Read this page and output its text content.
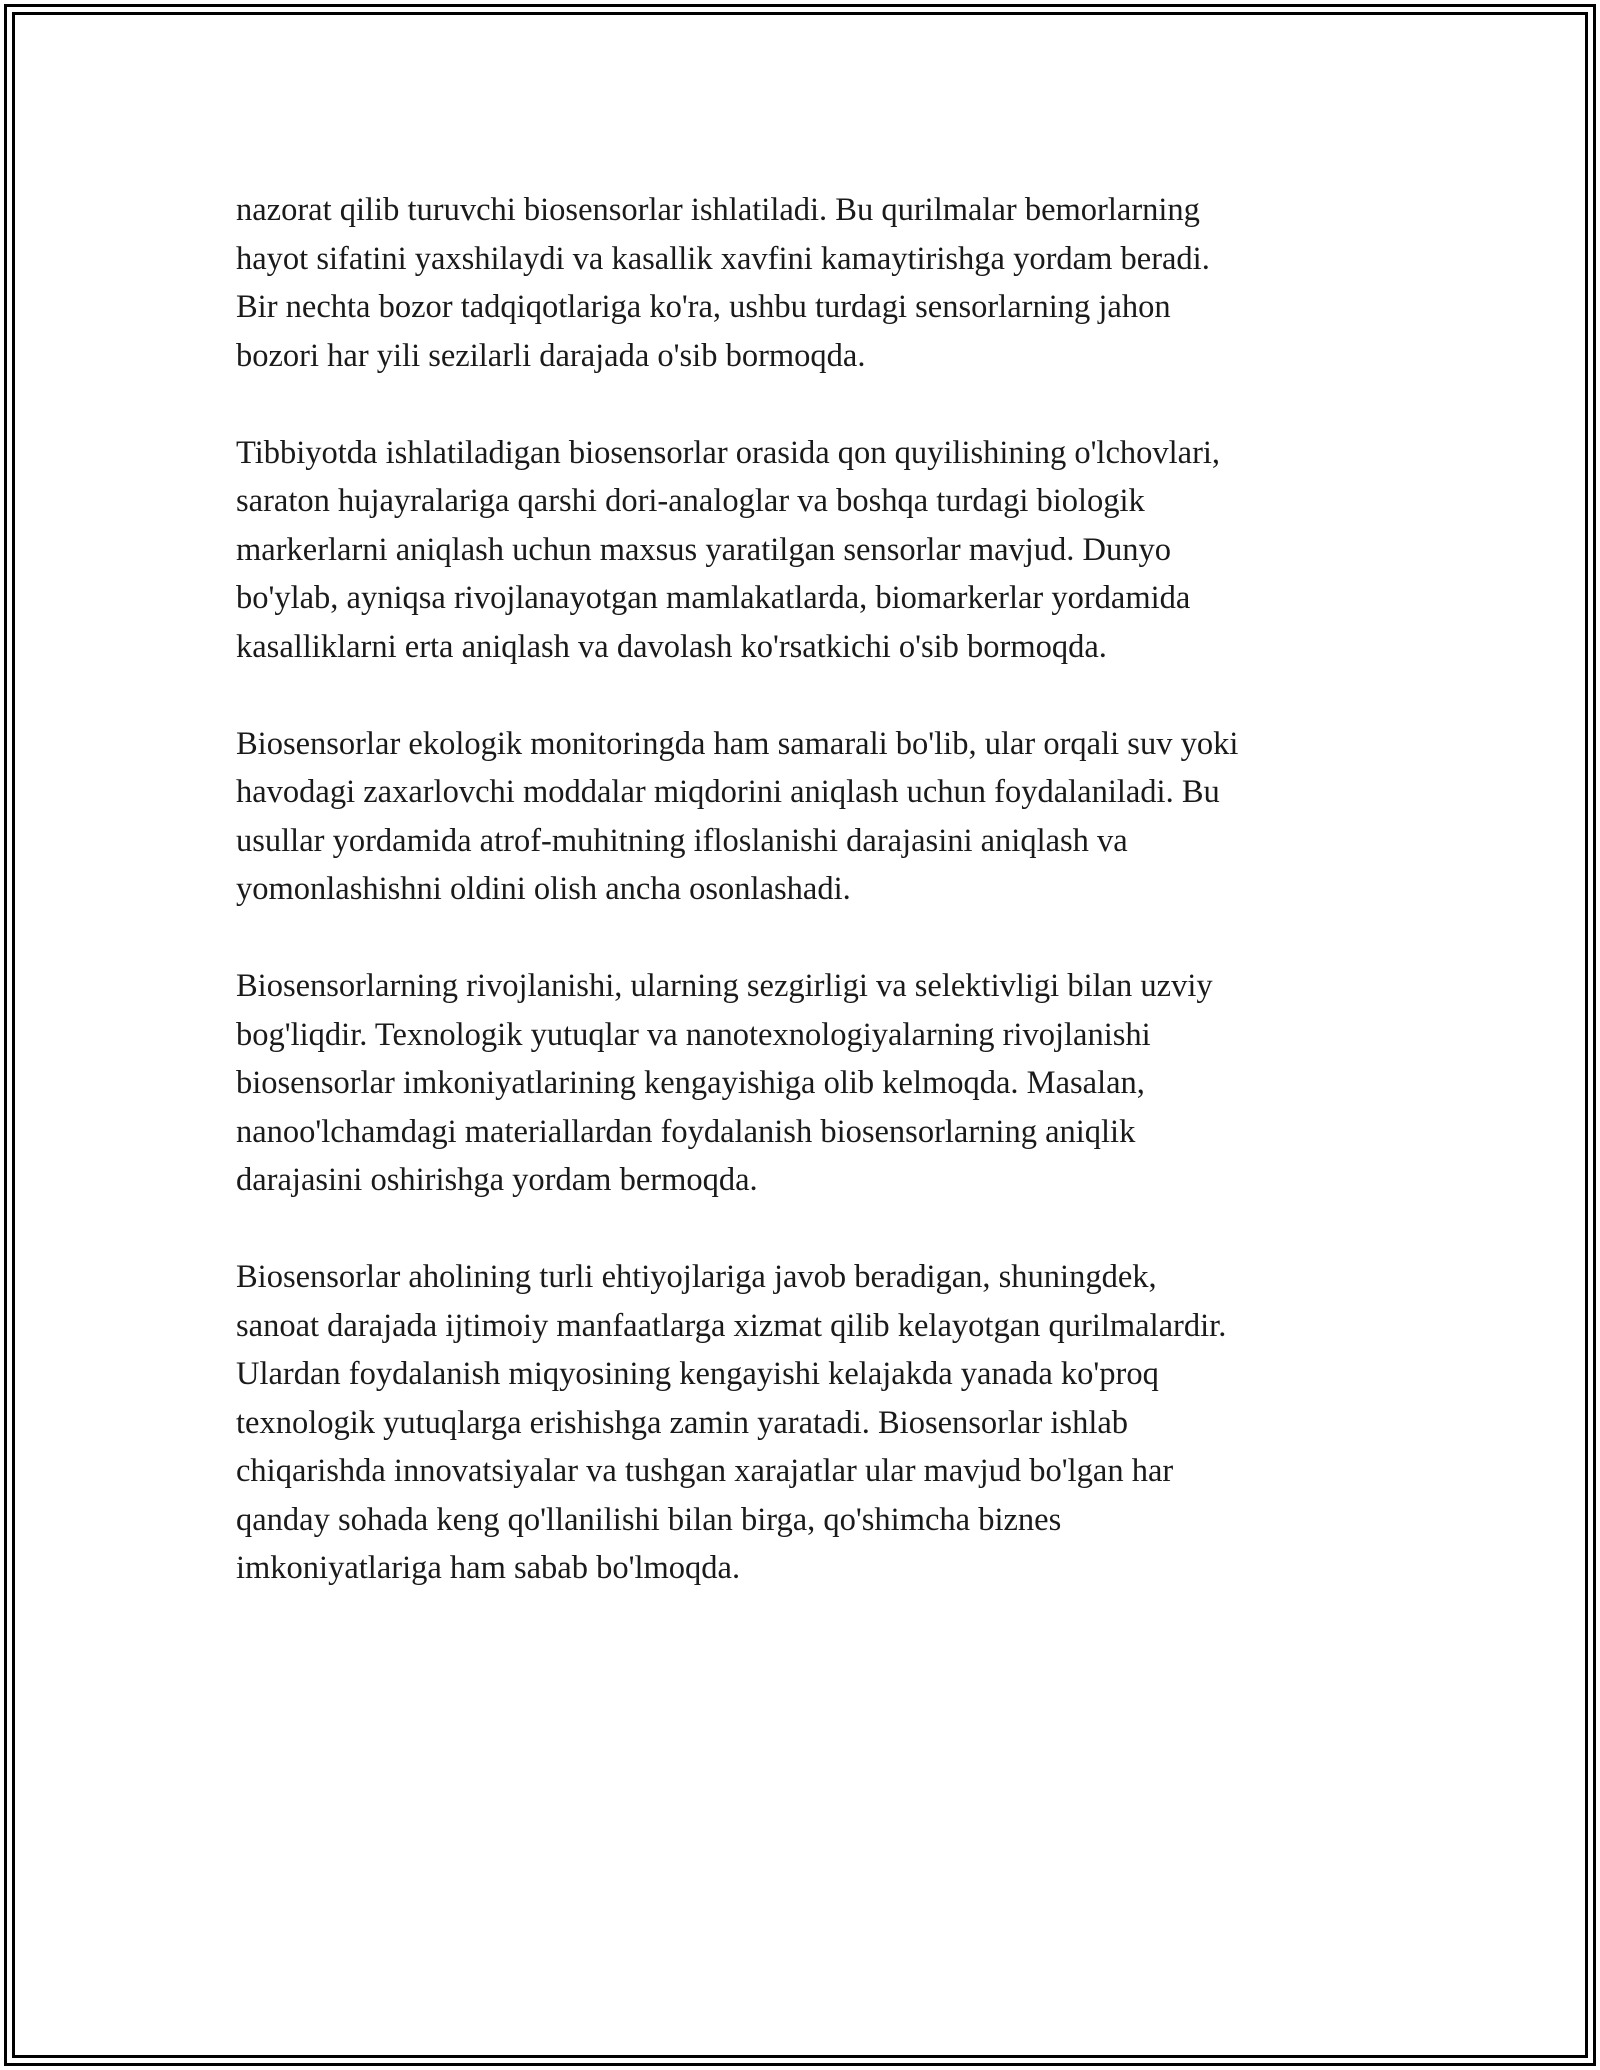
nazorat qilib turuvchi biosensorlar ishlatiladi. Bu qurilmalar bemorlarning
hayot sifatini yaxshilaydi va kasallik xavfini kamaytirishga yordam beradi.
Bir nechta bozor tadqiqotlariga ko'ra, ushbu turdagi sensorlarning jahon
bozori har yili sezilarli darajada o'sib bormoqda.

Tibbiyotda ishlatiladigan biosensorlar orasida qon quyilishining o'lchovlari,
saraton hujayralariga qarshi dori-analoglar va boshqa turdagi biologik
markerlarni aniqlash uchun maxsus yaratilgan sensorlar mavjud. Dunyo
bo'ylab, ayniqsa rivojlanayotgan mamlakatlarda, biomarkerlar yordamida
kasalliklarni erta aniqlash va davolash ko'rsatkichi o'sib bormoqda.

Biosensorlar ekologik monitoringda ham samarali bo'lib, ular orqali suv yoki
havodagi zaxarlovchi moddalar miqdorini aniqlash uchun foydalaniladi. Bu
usullar yordamida atrof-muhitning ifloslanishi darajasini aniqlash va
yomonlashishni oldini olish ancha osonlashadi.

Biosensorlarning rivojlanishi, ularning sezgirligi va selektivligi bilan uzviy
bog'liqdir. Texnologik yutuqlar va nanotexnologiyalarning rivojlanishi
biosensorlar imkoniyatlarining kengayishiga olib kelmoqda. Masalan,
nanoo'lchamdagi materiallardan foydalanish biosensorlarning aniqlik
darajasini oshirishga yordam bermoqda.

Biosensorlar aholining turli ehtiyojlariga javob beradigan, shuningdek,
sanoat darajada ijtimoiy manfaatlarga xizmat qilib kelayotgan qurilmalardir.
Ulardan foydalanish miqyosining kengayishi kelajakda yanada ko'proq
texnologik yutuqlarga erishishga zamin yaratadi. Biosensorlar ishlab
chiqarishda innovatsiyalar va tushgan xarajatlar ular mavjud bo'lgan har
qanday sohada keng qo'llanilishi bilan birga, qo'shimcha biznes
imkoniyatlariga ham sabab bo'lmoqda.
